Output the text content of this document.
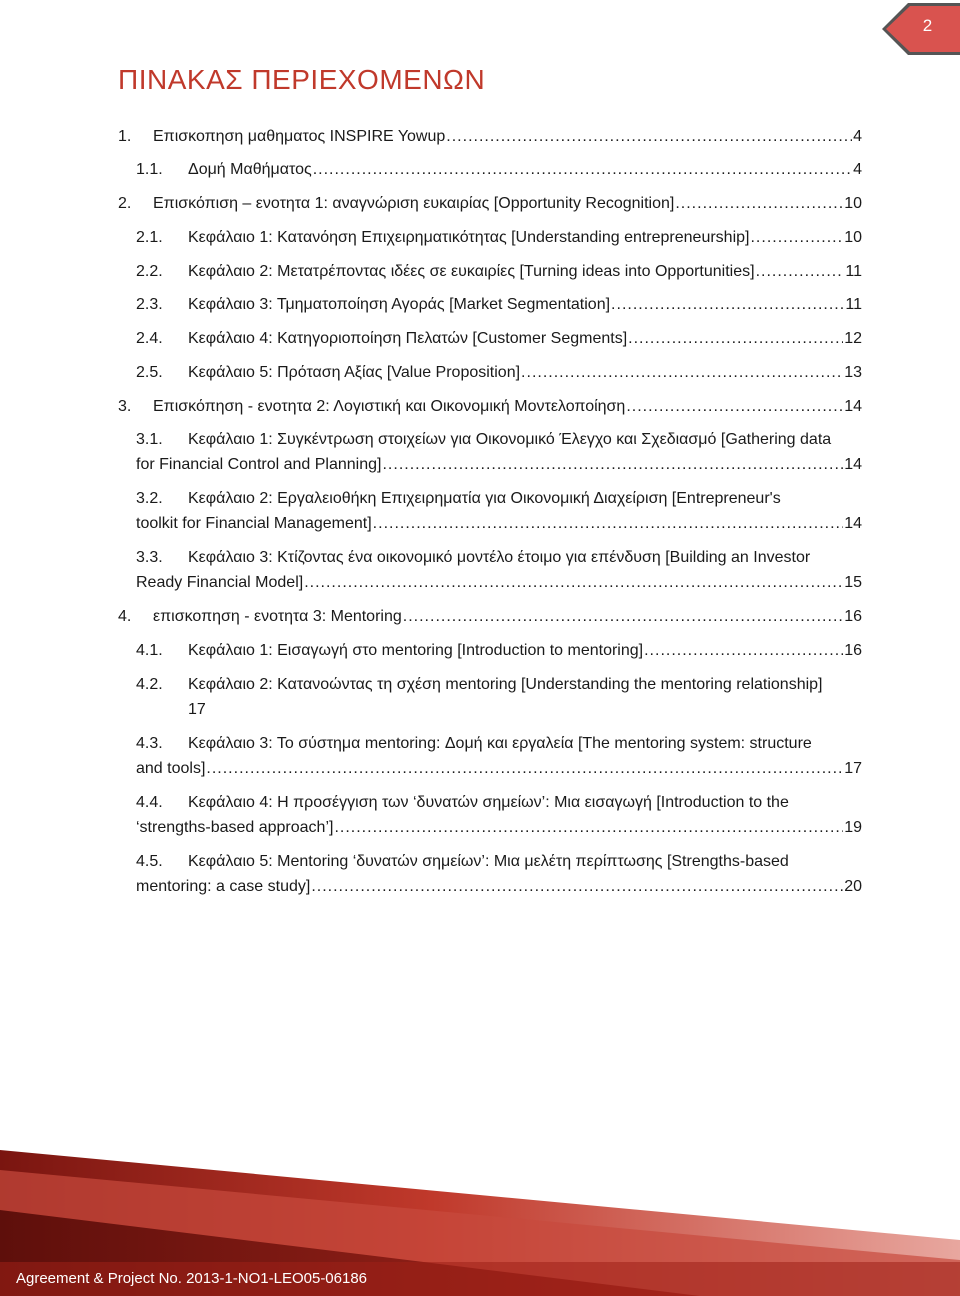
2
ΠΙΝΑΚΑΣ ΠΕΡΙΕΧΟΜΕΝΩΝ
1. Επισκοπηση μαθηματος INSPIRE Yowup .....	4
1.1. Δομή Μαθήματος .....	4
2. Επισκόπιση – ενοτητα 1: αναγνώριση ευκαιρίας [Opportunity Recognition] .....	10
2.1. Κεφάλαιο 1: Κατανόηση Επιχειρηματικότητας [Understanding entrepreneurship] .....	10
2.2. Κεφάλαιο 2: Μετατρέποντας ιδέες σε ευκαιρίες [Turning ideas into Opportunities] .....	11
2.3. Κεφάλαιο 3: Τμηματοποίηση Αγοράς [Market Segmentation] .....	11
2.4. Κεφάλαιο 4: Κατηγοριοποίηση Πελατών [Customer Segments] .....	12
2.5. Κεφάλαιο 5: Πρόταση Αξίας [Value Proposition] .....	13
3. Επισκόπηση - ενοτητα 2: Λογιστική και Οικονομική Μοντελοποίηση .....	14
3.1. Κεφάλαιο 1: Συγκέντρωση στοιχείων για Οικονομικό Έλεγχο και Σχεδιασμό [Gathering data
for Financial Control and Planning] .....	14
3.2. Κεφάλαιο 2: Εργαλειοθήκη Επιχειρηματία για Οικονομική Διαχείριση [Entrepreneur's
toolkit for Financial Management] .....	14
3.3. Κεφάλαιο 3: Κτίζοντας ένα οικονομικό μοντέλο έτοιμο για επένδυση [Building an Investor
Ready Financial Model] .....	15
4. επισκοπηση - ενοτητα 3: Mentoring .....	16
4.1. Κεφάλαιο 1: Εισαγωγή στο mentoring [Introduction to mentoring] .....	16
4.2. Κεφάλαιο 2: Κατανοώντας τη σχέση mentoring [Understanding the mentoring relationship]
17
4.3. Κεφάλαιο 3: Το σύστημα mentoring: Δομή και εργαλεία [The mentoring system: structure
and tools] .....	17
4.4. Κεφάλαιο 4: Η προσέγγιση των ‘δυνατών σημείων’: Μια εισαγωγή [Introduction to the
‘strengths-based approach’] .....	19
4.5. Κεφάλαιο 5: Mentoring ‘δυνατών σημείων’: Μια μελέτη περίπτωσης [Strengths-based
mentoring: a case study] .....	20
Agreement & Project No. 2013-1-NO1-LEO05-06186
